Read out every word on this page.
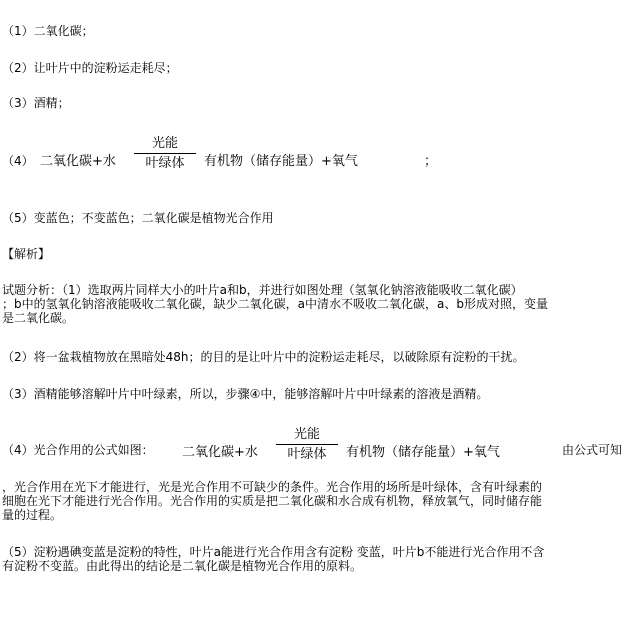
（1）二氧化碳；
（2）让叶片中的淀粉运走耗尽；
（3）酒精；
（4） 二氧化碳+水
光能
叶绿体	有机物（储存能量）+氧气	；
（5）变蓝色；不变蓝色；二氧化碳是植物光合作用
【解析】
试题分析：（1）选取两片同样大小的叶片a和b，并进行如图处理（氢氧化钠溶液能吸收二氧化碳）
；b中的氢氧化钠溶液能吸收二氧化碳，缺少二氧化碳，a中清水不吸收二氧化碳，a、b形成对照，变量
是二氧化碳。
（2）将一盆栽植物放在黑暗处48h；的目的是让叶片中的淀粉运走耗尽，以破除原有淀粉的干扰。
（3）酒精能够溶解叶片中叶绿素，所以，步骤④中，能够溶解叶片中叶绿素的溶液是酒精。
（4）光合作用的公式如图： 二氧化碳+水
光能
叶绿体	有机物（储存能量）+氧气	由公式可知
，光合作用在光下才能进行，光是光合作用不可缺少的条件。光合作用的场所是叶绿体，含有叶绿素的
细胞在光下才能进行光合作用。光合作用的实质是把二氧化碳和水合成有机物，释放氧气，同时储存能
量的过程。
（5）淀粉遇碘变蓝是淀粉的特性，叶片a能进行光合作用含有淀粉 变蓝，叶片b不能进行光合作用不含
有淀粉不变蓝。由此得出的结论是二氧化碳是植物光合作用的原料。
